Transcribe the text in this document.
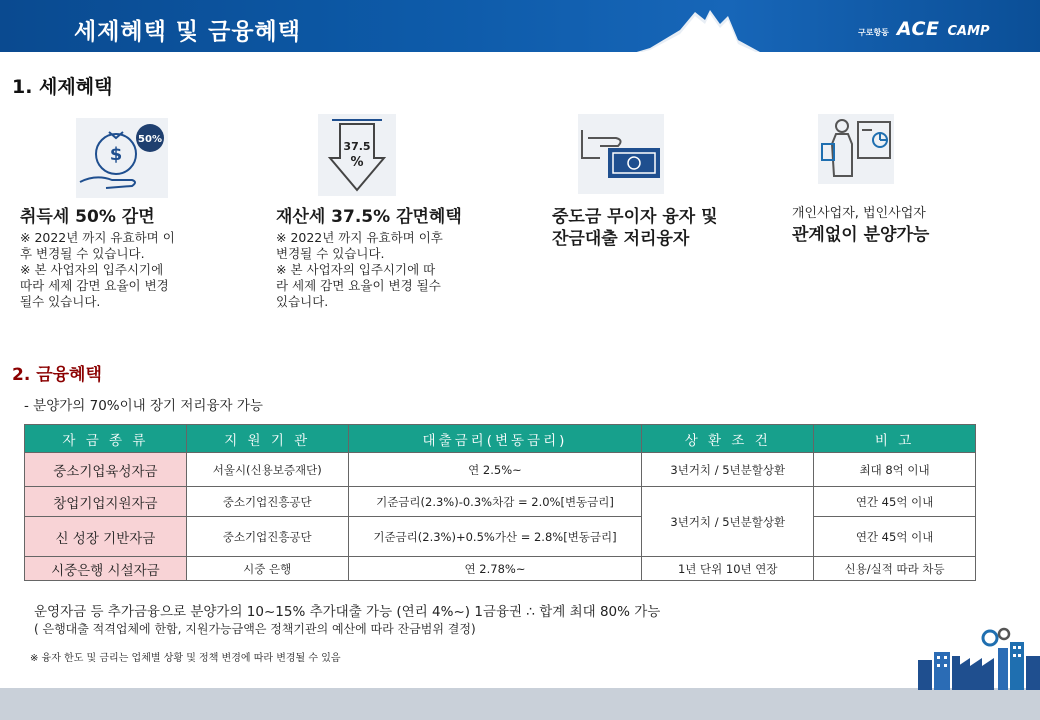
세제혜택 및 금융혜택	구로항동 ACE CAMP
1. 세제혜택
$
50%
37.5
%
취득세 50% 감면
※ 2022년 까지 유효하며 이
후 변경될 수 있습니다.
※ 본 사업자의 입주시기에
따라 세제 감면 요율이 변경
될수 있습니다.
재산세 37.5% 감면혜택
※ 2022년 까지 유효하며 이후
변경될 수 있습니다.
※ 본 사업자의 입주시기에 따
라 세제 감면 요율이 변경 될수
있습니다.
중도금 무이자 융자 및
잔금대출 저리융자
개인사업자, 법인사업자
관계없이 분양가능
2. 금융혜택
- 분양가의 70%이내 장기 저리융자 가능
자 금 종 류	지 원 기 관	대출금리(변동금리)	상 환 조 건	비 고
중소기업육성자금	서울시(신용보증재단)	연 2.5%~	3년거치 / 5년분할상환	최대 8억 이내
창업기업지원자금	중소기업진흥공단	기준금리(2.3%)-0.3%차감 = 2.0%[변동금리]	3년거치 / 5년분할상환	연간 45억 이내
신 성장 기반자금	중소기업진흥공단	기준금리(2.3%)+0.5%가산 = 2.8%[변동금리]		연간 45억 이내
시중은행 시설자금	시중 은행	연 2.78%~	1년 단위 10년 연장	신용/실적 따라 차등
운영자금 등 추가금융으로 분양가의 10~15% 추가대출 가능 (연리 4%~) 1금융권 ∴ 합계 최대 80% 가능
( 은행대출 적격업체에 한함, 지원가능금액은 정책기관의 예산에 따라 잔금범위 결정)
※ 융자 한도 및 금리는 업체별 상황 및 정책 변경에 따라 변경될 수 있음
